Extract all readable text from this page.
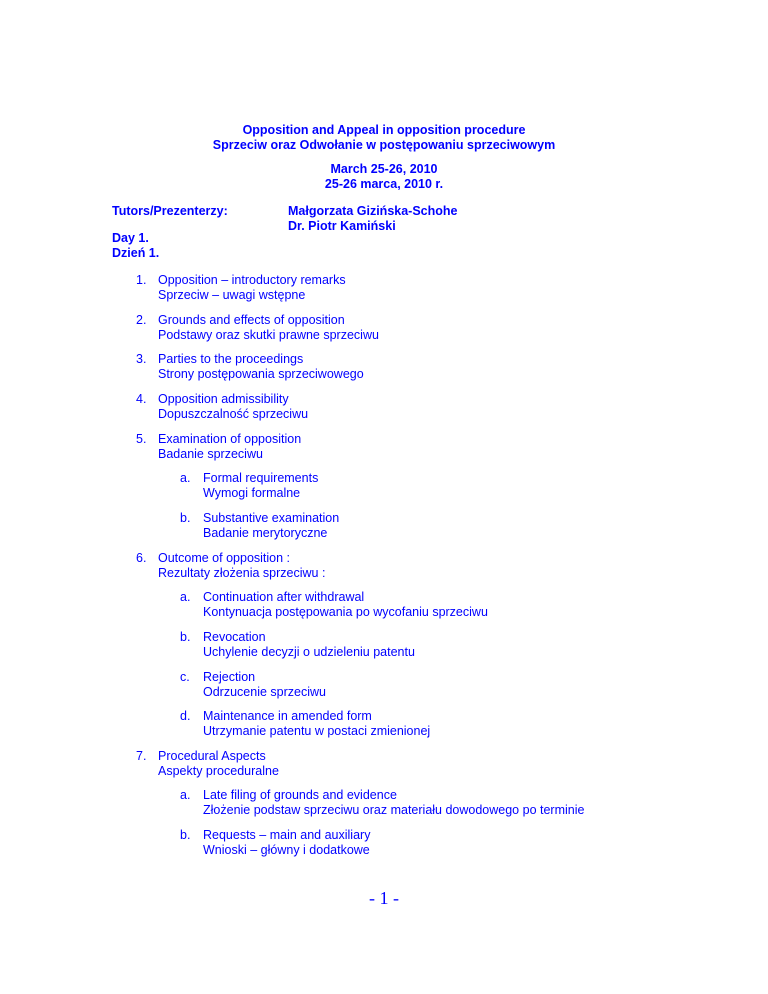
Opposition and Appeal in opposition procedure
Sprzeciw oraz Odwołanie w postępowaniu sprzeciwowym
March 25-26, 2010
25-26 marca, 2010 r.
Tutors/Prezenterzy:	Małgorzata Gizińska-Schohe
Dr. Piotr Kamiński
Day 1.
Dzień 1.
1. Opposition – introductory remarks
Sprzeciw – uwagi wstępne
2. Grounds and effects of opposition
Podstawy oraz skutki prawne sprzeciwu
3. Parties to the proceedings
Strony postępowania sprzeciwowego
4. Opposition admissibility
Dopuszczalność sprzeciwu
5. Examination of opposition
Badanie sprzeciwu
a. Formal requirements
Wymogi formalne
b. Substantive examination
Badanie merytoryczne
6. Outcome of opposition :
Rezultaty złożenia sprzeciwu :
a. Continuation after withdrawal
Kontynuacja postępowania po wycofaniu sprzeciwu
b. Revocation
Uchylenie decyzji o udzieleniu patentu
c. Rejection
Odrzucenie sprzeciwu
d. Maintenance in amended form
Utrzymanie patentu w postaci zmienionej
7. Procedural Aspects
Aspekty proceduralne
a. Late filing of grounds and evidence
Złożenie podstaw sprzeciwu oraz materiału dowodowego po terminie
b. Requests – main and auxiliary
Wnioski – główny i dodatkowe
- 1 -
